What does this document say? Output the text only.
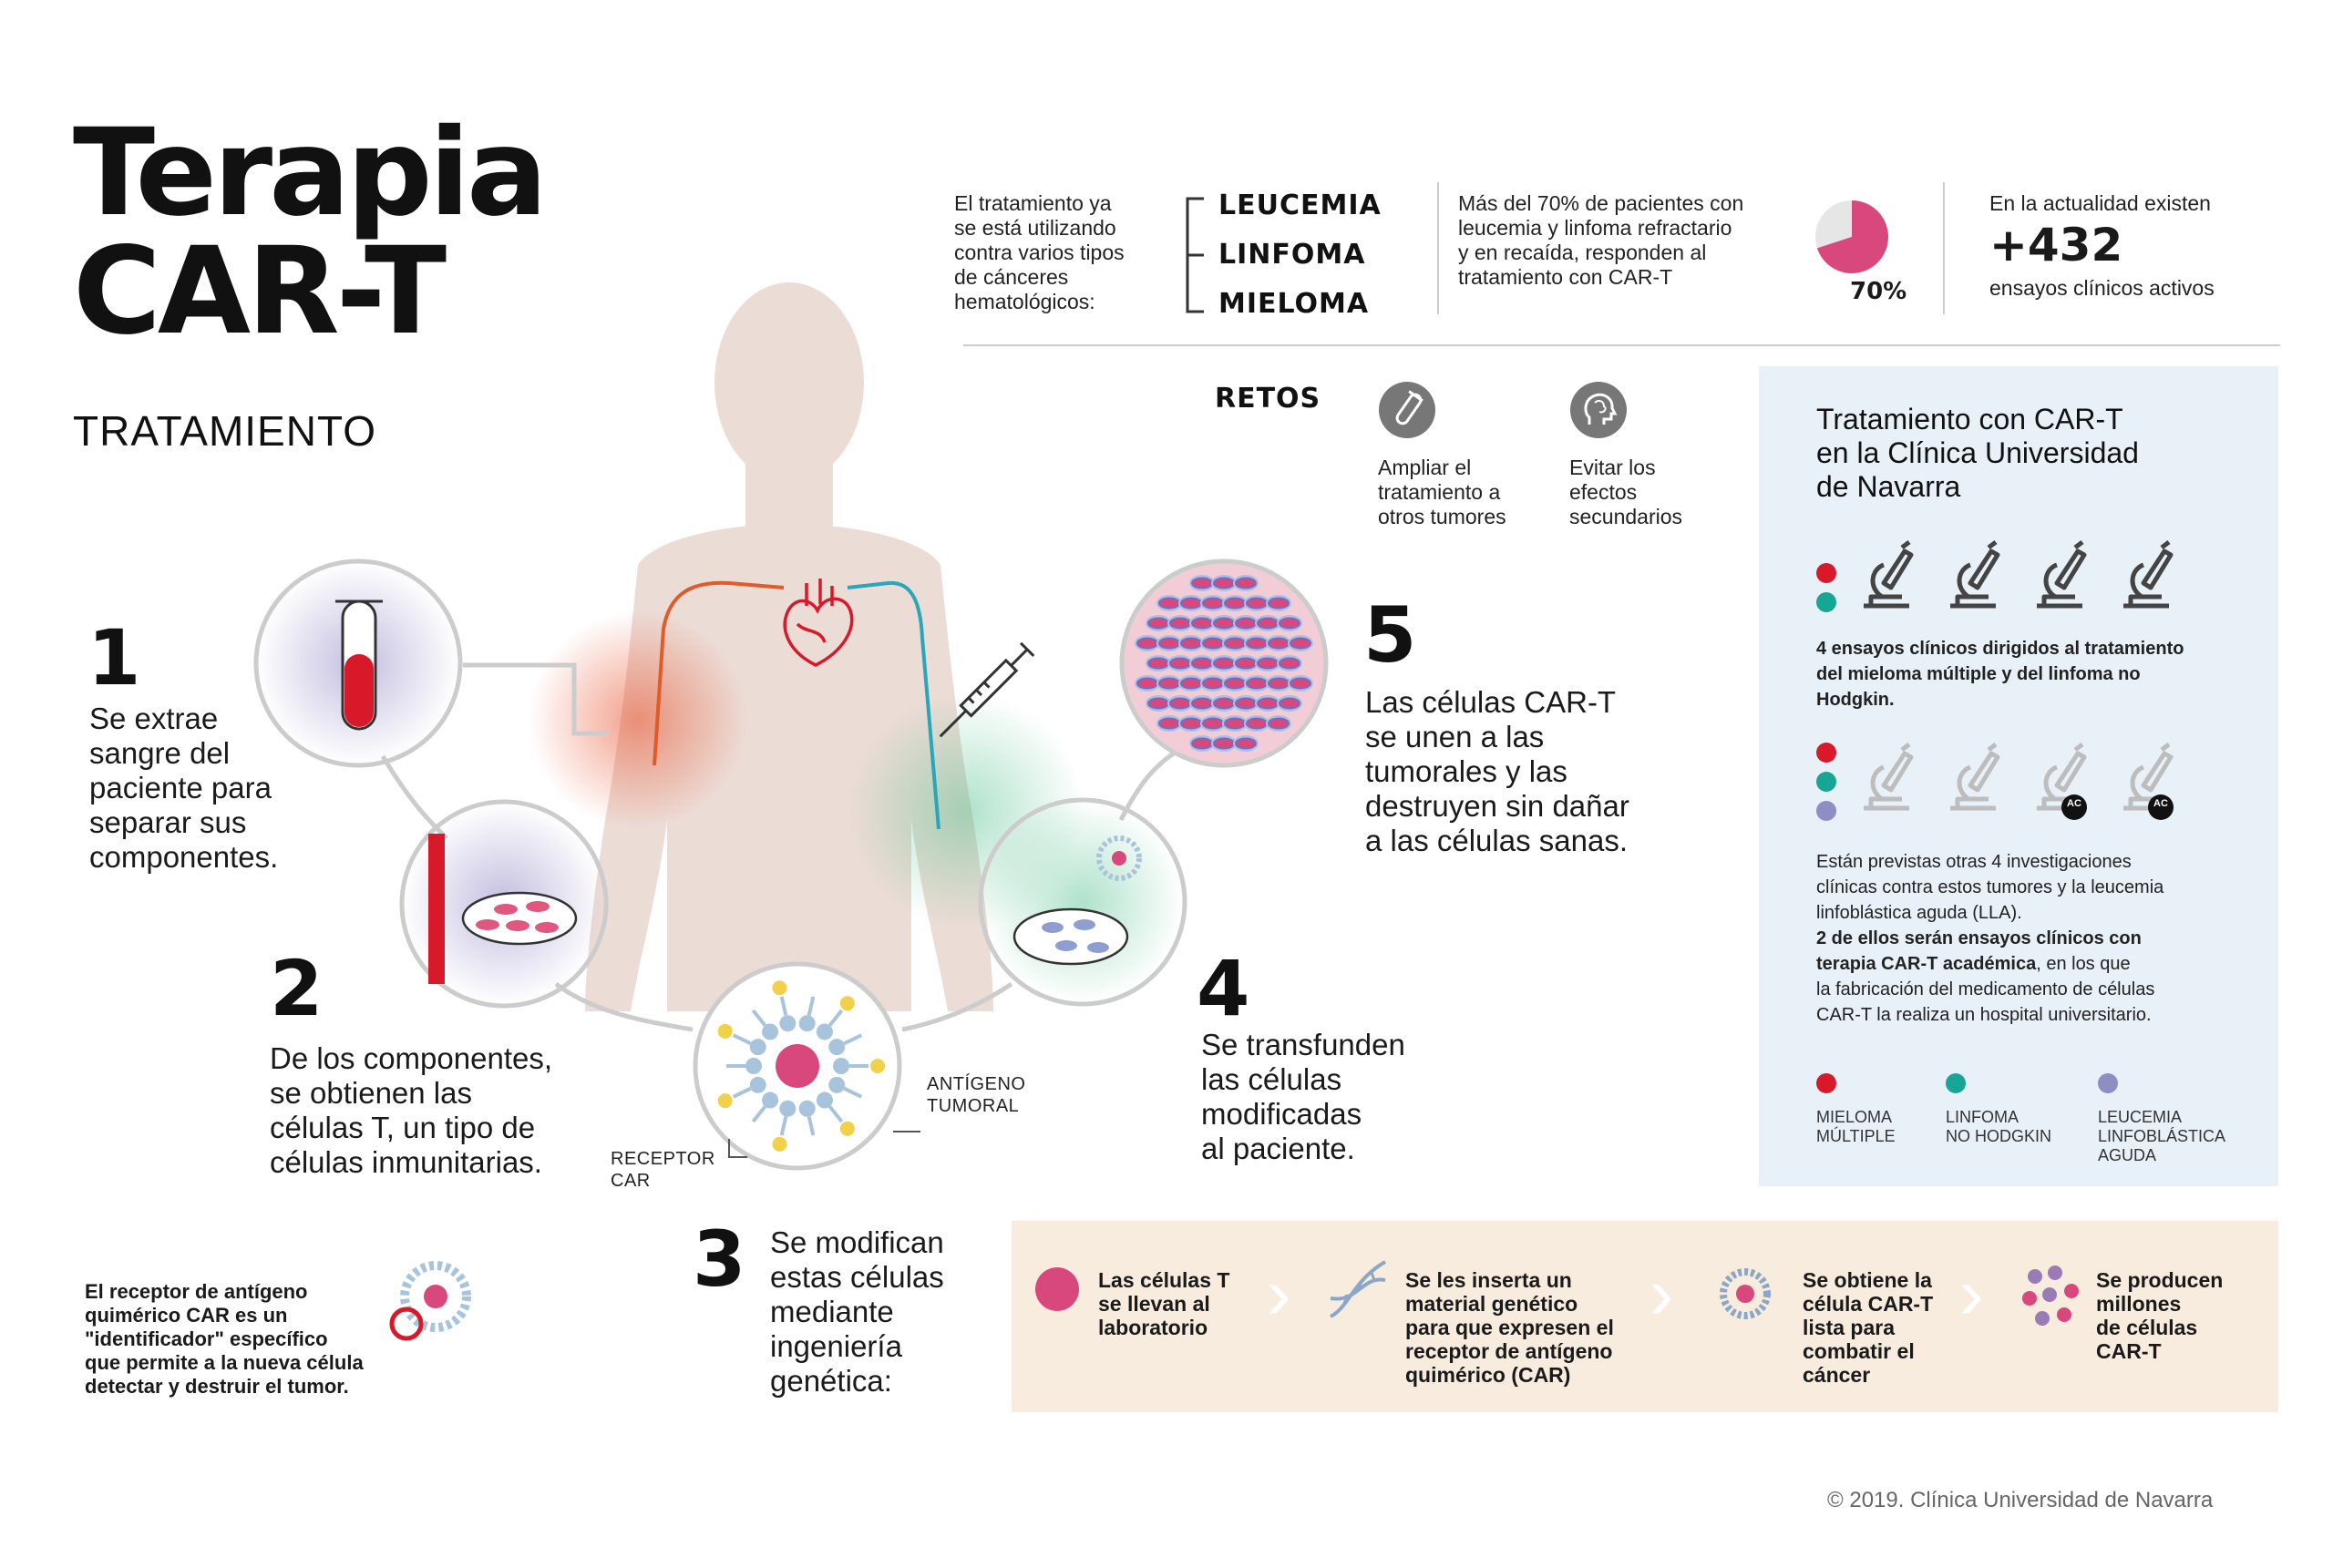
Terapia
CAR-T
TRATAMIENTO
El tratamiento ya
se está utilizando
contra varios tipos
de cánceres
hematológicos:
LEUCEMIA
LINFOMA
MIELOMA
Más del 70% de pacientes con
leucemia y linfoma refractario
y en recaída, responden al
tratamiento con CAR-T
70%
En la actualidad existen
+432
ensayos clínicos activos
RETOS
Ampliar el
tratamiento a
otros tumores
Evitar los
efectos
secundarios
1
Se extrae
sangre del
paciente para
separar sus
componentes.
2
De los componentes,
se obtienen las
células T, un tipo de
células inmunitarias.
3 Se modifican
estas células
mediante
ingeniería
genética:
4
Se transfunden
las células
modificadas
al paciente.
5
Las células CAR-T
se unen a las
tumorales y las
destruyen sin dañar
a las células sanas.
ANTÍGENO
TUMORAL
RECEPTOR
CAR
El receptor de antígeno
quimérico CAR es un
"identificador" específico
que permite a la nueva célula
detectar y destruir el tumor.
Las células T
se llevan al
laboratorio ›	Se les inserta un
material genético
para que expresen el
receptor de antígeno
quimérico (CAR)
›	Se obtiene la
célula CAR-T
lista para
combatir el
cáncer
›	Se producen
millones
de células
CAR-T
Tratamiento con CAR-T
en la Clínica Universidad
de Navarra
4 ensayos clínicos dirigidos al tratamiento
del mieloma múltiple y del linfoma no
Hodgkin.
AC	AC
Están previstas otras 4 investigaciones
clínicas contra estos tumores y la leucemia
linfoblástica aguda (LLA).
2 de ellos serán ensayos clínicos con
terapia CAR-T académica, en los que
la fabricación del medicamento de células
CAR-T la realiza un hospital universitario.
MIELOMA
MÚLTIPLE
LINFOMA
NO HODGKIN
LEUCEMIA
LINFOBLÁSTICA
AGUDA
© 2019. Clínica Universidad de Navarra
